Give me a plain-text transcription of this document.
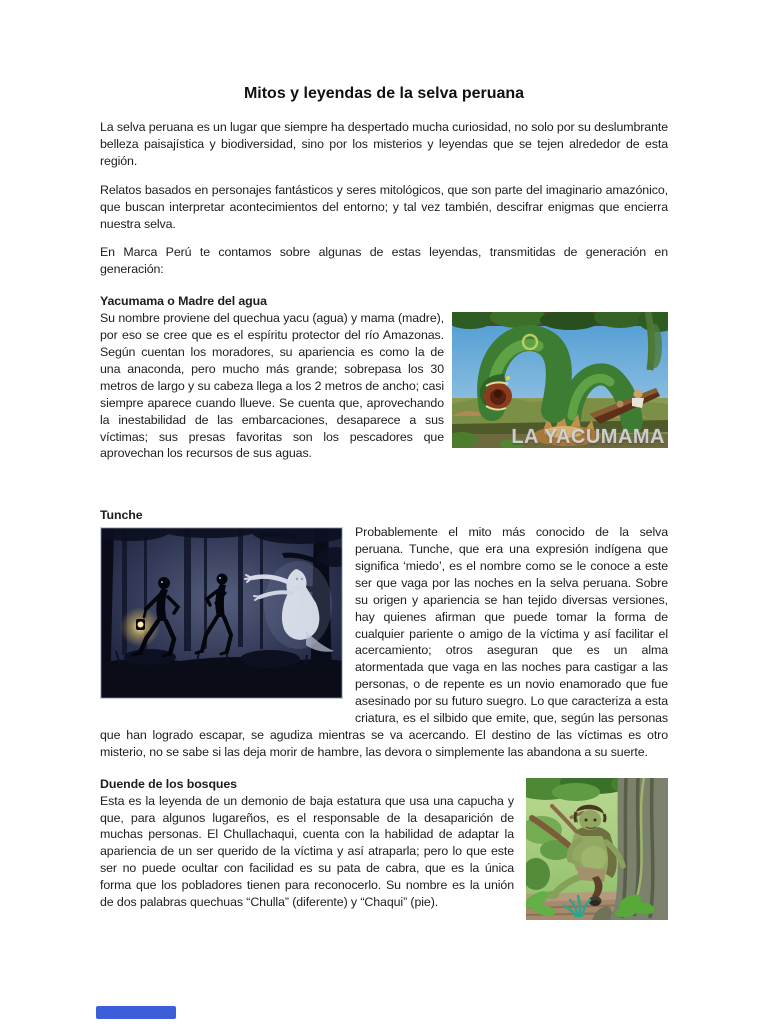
Mitos y leyendas de la selva peruana

La selva peruana es un lugar que siempre ha despertado mucha curiosidad, no solo por su deslumbrante belleza paisajística y biodiversidad, sino por los misterios y leyendas que se tejen alrededor de esta región.

Relatos basados en personajes fantásticos y seres mitológicos, que son parte del imaginario amazónico, que buscan interpretar acontecimientos del entorno; y tal vez también, descifrar enigmas que encierra nuestra selva.

En Marca Perú te contamos sobre algunas de estas leyendas, transmitidas de generación en generación:

Yacumama o Madre del agua
LA YACUMAMA

Su nombre proviene del quechua yacu (agua) y mama (madre), por eso se cree que es el espíritu protector del río Amazonas. Según cuentan los moradores, su apariencia es como la de una anaconda, pero mucho más grande; sobrepasa los 30 metros de largo y su cabeza llega a los 2 metros de ancho; casi siempre aparece cuando llueve. Se cuenta que, aprovechando la inestabilidad de las embarcaciones, desaparece a sus víctimas; sus presas favoritas son los pescadores que aprovechan los recursos de sus aguas.

Tunche

Probablemente el mito más conocido de la selva peruana. Tunche, que era una expresión indígena que significa ‘miedo’, es el nombre como se le conoce a este ser que vaga por las noches en la selva peruana. Sobre su origen y apariencia se han tejido diversas versiones, hay quienes afirman que puede tomar la forma de cualquier pariente o amigo de la víctima y así facilitar el acercamiento; otros aseguran que es un alma atormentada que vaga en las noches para castigar a las personas, o de repente es un novio enamorado que fue asesinado por su futuro suegro. Lo que caracteriza a esta criatura, es el silbido que emite, que, según las personas que han logrado escapar, se agudiza mientras se va acercando. El destino de las víctimas es otro misterio, no se sabe si las deja morir de hambre, las devora o simplemente las abandona a su suerte.

Duende de los bosques

Esta es la leyenda de un demonio de baja estatura que usa una capucha y que, para algunos lugareños, es el responsable de la desaparición de muchas personas. El Chullachaqui, cuenta con la habilidad de adaptar la apariencia de un ser querido de la víctima y así atraparla; pero lo que este ser no puede ocultar con facilidad es su pata de cabra, que es la única forma que los pobladores tienen para reconocerlo. Su nombre es la unión de dos palabras quechuas “Chulla” (diferente) y “Chaqui” (pie).
